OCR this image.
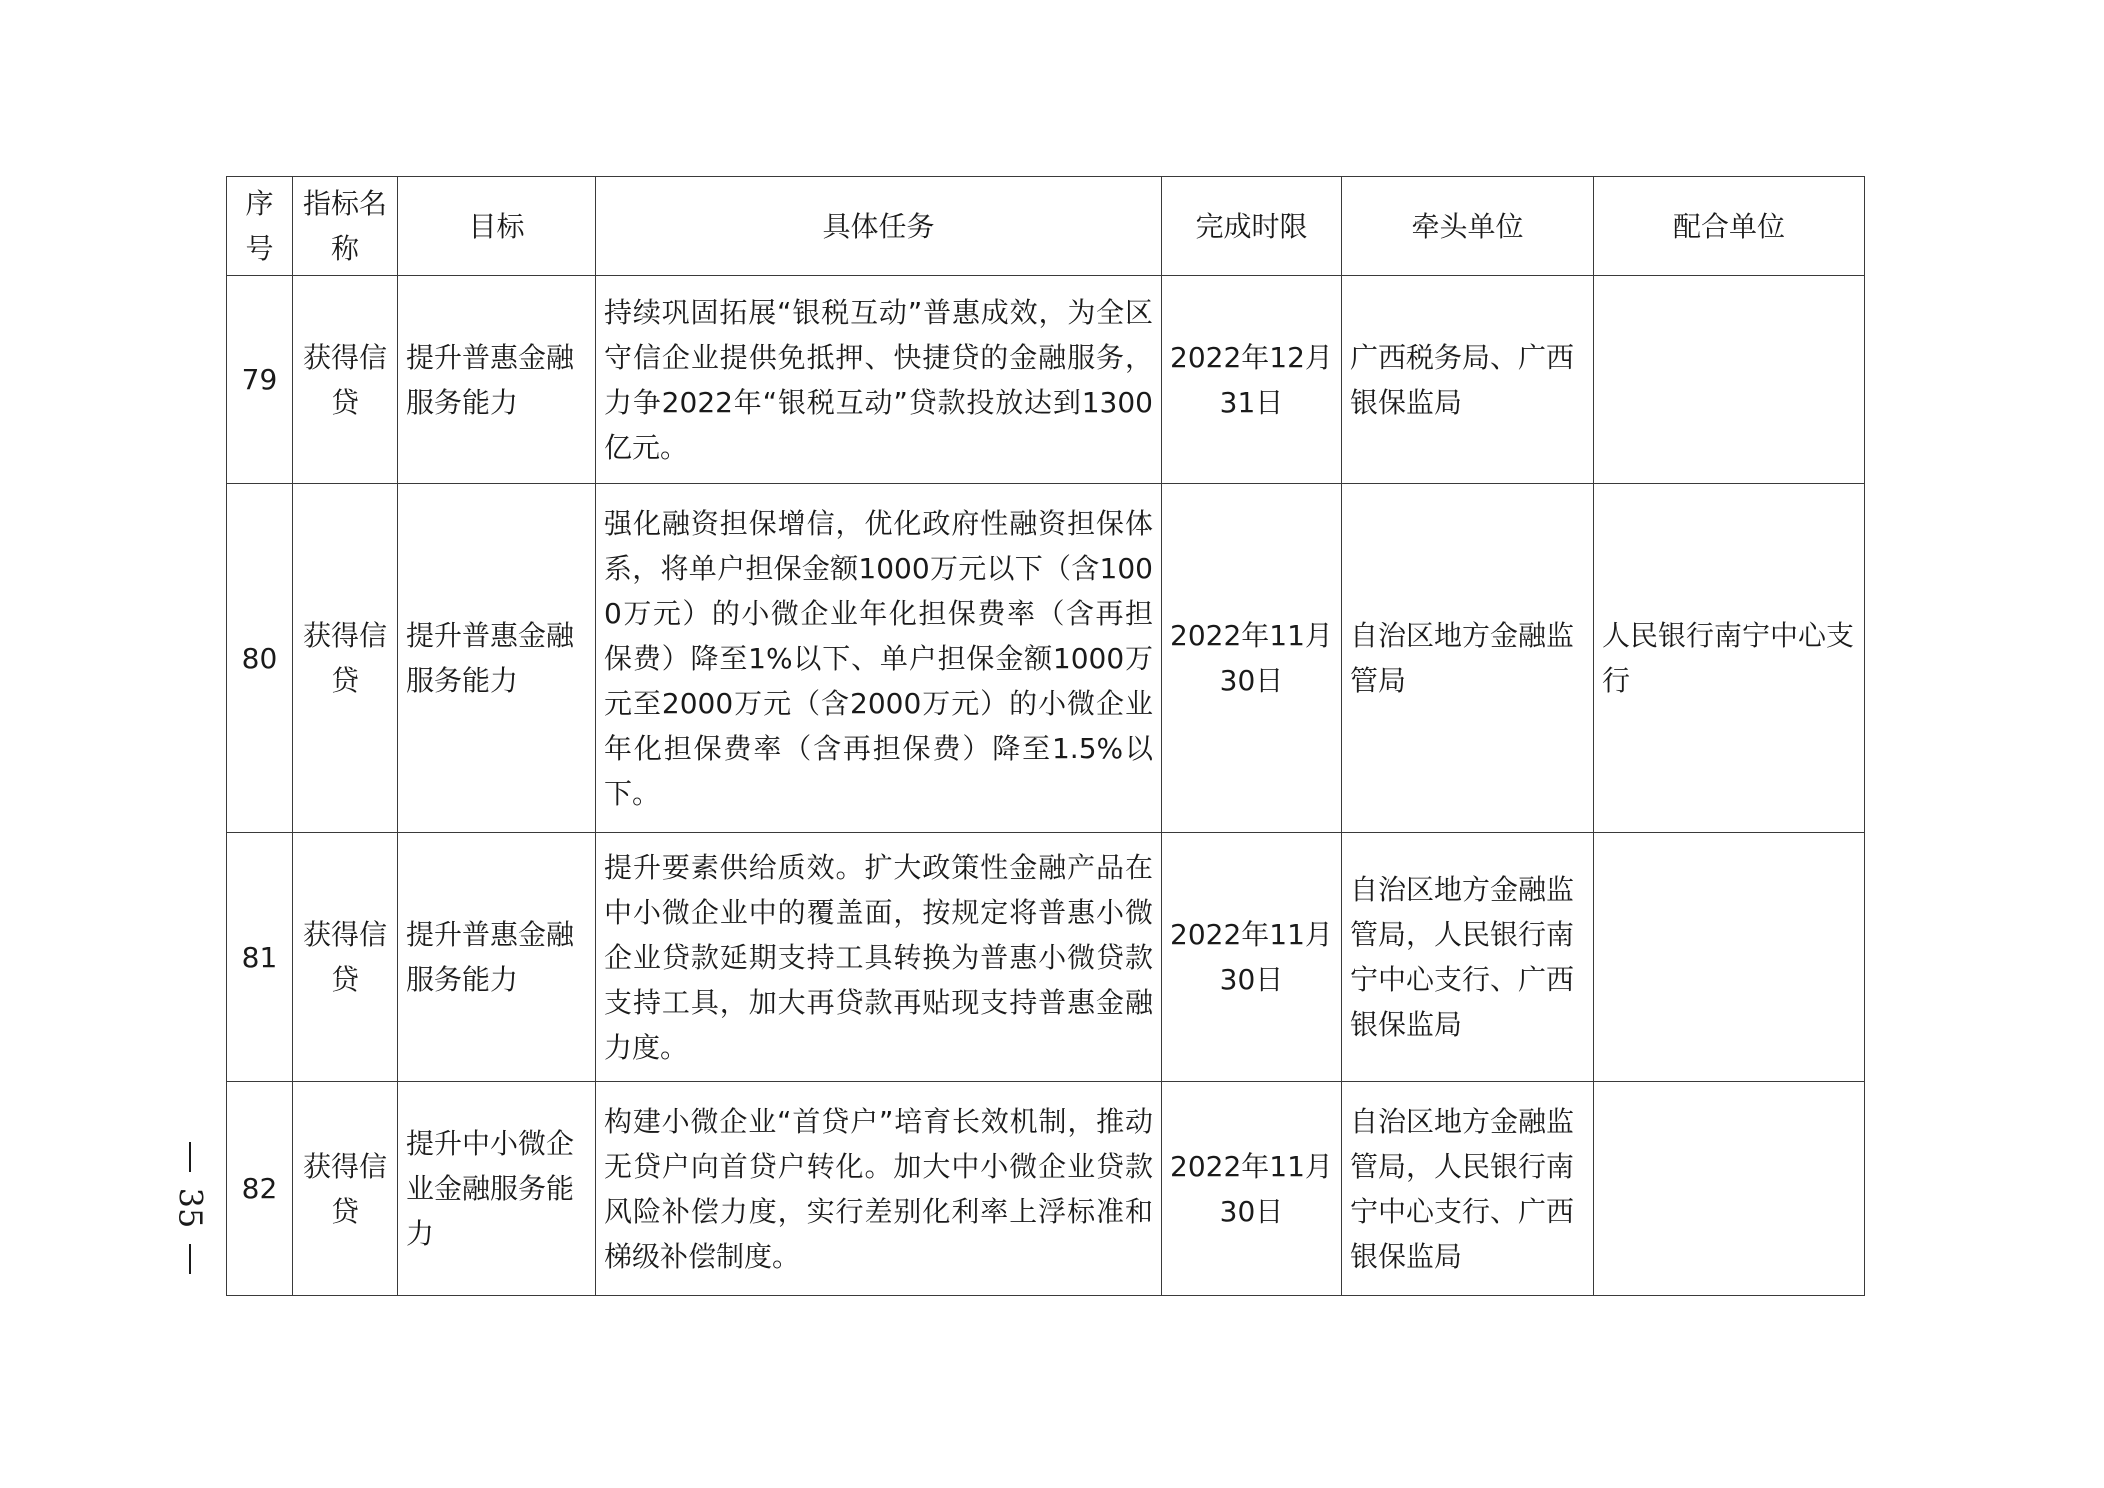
序号	指标名称	目标	具体任务	完成时限	牵头单位	配合单位
79	获得信贷	提升普惠金融服务能力	持续巩固拓展“银税互动”普惠成效，为全区守信企业提供免抵押、快捷贷的金融服务，力争2022年“银税互动”贷款投放达到1300亿元。	2022年12月31日	广西税务局、广西银保监局	
80	获得信贷	提升普惠金融服务能力	强化融资担保增信，优化政府性融资担保体系，将单户担保金额1000万元以下（含1000万元）的小微企业年化担保费率（含再担保费）降至1%以下、单户担保金额1000万元至2000万元（含2000万元）的小微企业年化担保费率（含再担保费）降至1.5%以下。	2022年11月30日	自治区地方金融监管局	人民银行南宁中心支行
81	获得信贷	提升普惠金融服务能力	提升要素供给质效。扩大政策性金融产品在中小微企业中的覆盖面，按规定将普惠小微企业贷款延期支持工具转换为普惠小微贷款支持工具，加大再贷款再贴现支持普惠金融力度。	2022年11月30日	自治区地方金融监管局，人民银行南宁中心支行、广西银保监局	
82	获得信贷	提升中小微企业金融服务能力	构建小微企业“首贷户”培育长效机制，推动无贷户向首贷户转化。加大中小微企业贷款风险补偿力度，实行差别化利率上浮标准和梯级补偿制度。	2022年11月30日	自治区地方金融监管局，人民银行南宁中心支行、广西银保监局	
35
